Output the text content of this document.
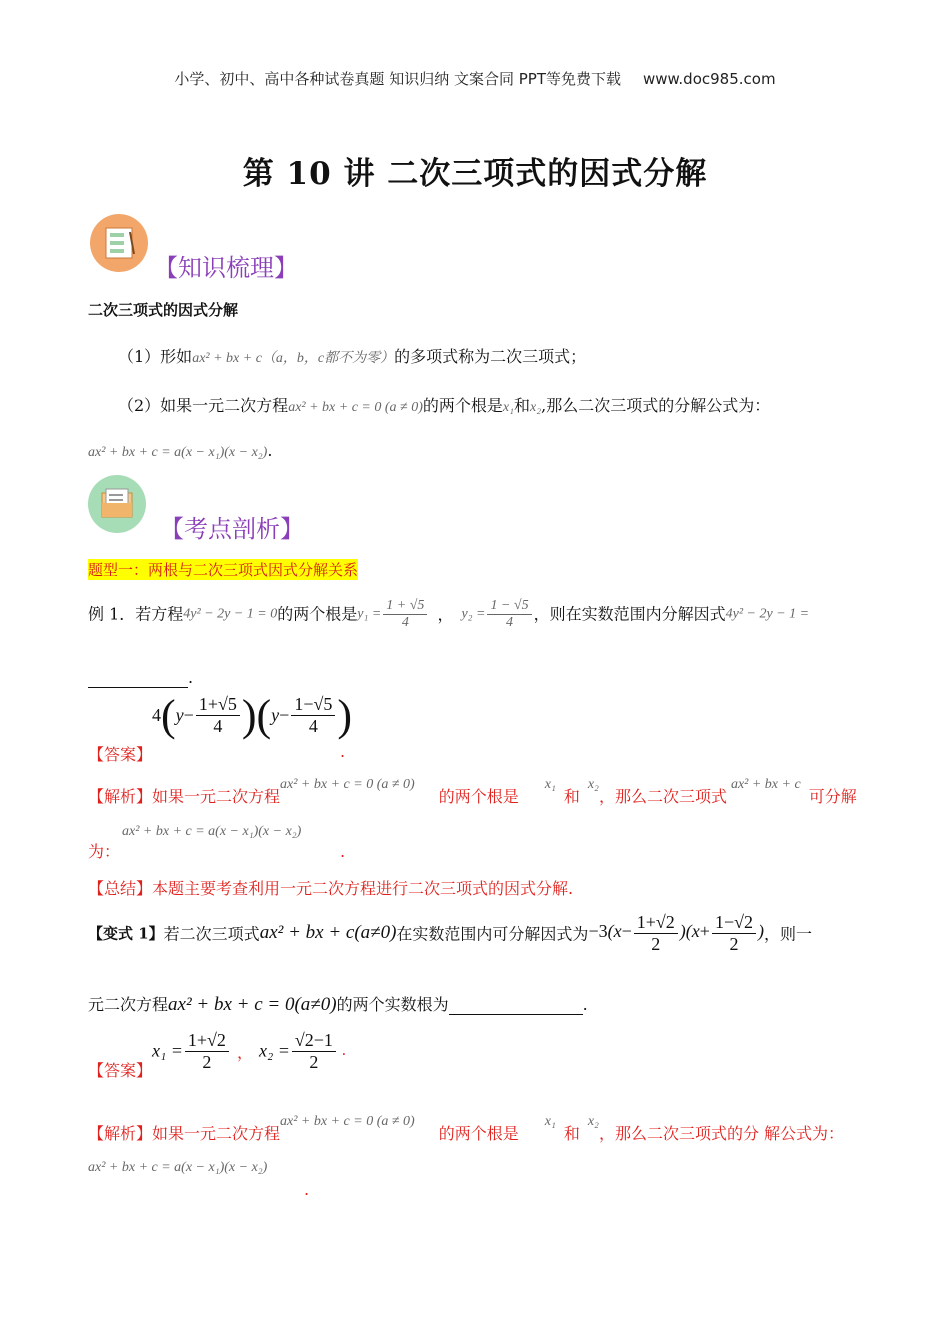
小学、初中、高中各种试卷真题 知识归纳 文案合同 PPT等免费下载 www.doc985.com
第 10 讲 二次三项式的因式分解
【知识梳理】
二次三项式的因式分解
（1）形如ax² + bx + c（a，b，c都不为零）的多项式称为二次三项式；
（2）如果一元二次方程ax² + bx + c = 0 (a ≠ 0)的两个根是x₁和x₂,那么二次三项式的分解公式为：
ax² + bx + c = a(x − x₁)(x − x₂).
【考点剖析】
题型一：两根与二次三项式因式分解关系
例 1．若方程4y² − 2y − 1 = 0的两个根是$y_1 = \frac{1 + √5}{4}$ ， $y_2 = \frac{1 - √5}{4}$ ，则在实数范围内分解因式4y² − 2y − 1 =
.
【答案】
$4(y- \frac{1+√5}{4} )(y- \frac{1-√5}{4}$ )
.
【解析】如果一元二次方程ax² + bx + c = 0 (a ≠ 0)的两个根是x₁和x₂，那么二次三项式ax² + bx + c可分解
为：
ax² + bx + c = a(x − x₁)(x − x₂)
.
【总结】本题主要考查利用一元二次方程进行二次三项式的因式分解.
【变式 1】若二次三项式ax² + bx + c(a≠0)在实数范围内可分解因式为$-3(x- \frac{1+√2}{2} )(x+ \frac{1-√2}{2}$ )，则一
元二次方程ax² + bx + c = 0(a≠0)的两个实数根为	.
【答案】
$x_1 = \frac{1+√2}{2}$ ， $x_2 = \frac{√2-1}{2}$ .
【解析】如果一元二次方程ax² + bx + c = 0 (a ≠ 0)的两个根是x₁和x₂，那么二次三项式的分 解公式为：
ax² + bx + c = a(x − x₁)(x − x₂)
.
